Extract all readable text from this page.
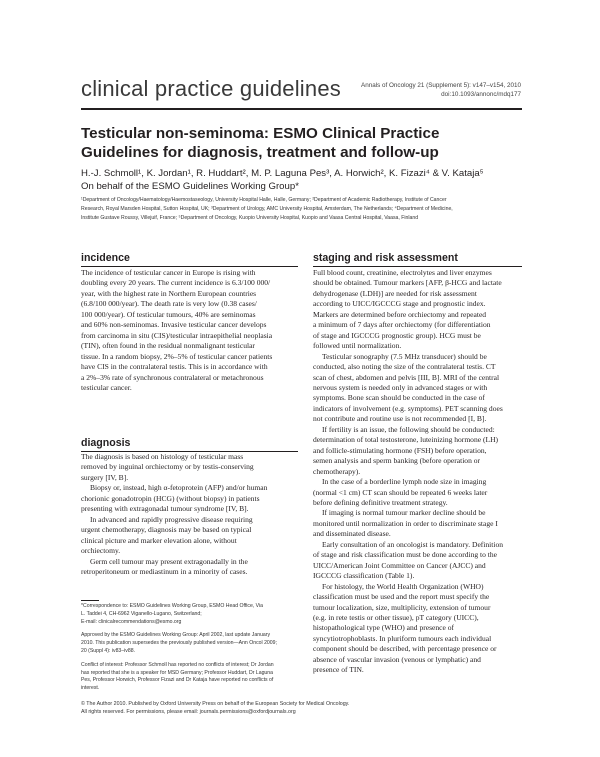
clinical practice guidelines	Annals of Oncology 21 (Supplement 5): v147–v154, 2010
doi:10.1093/annonc/mdq177
Testicular non-seminoma: ESMO Clinical Practice Guidelines for diagnosis, treatment and follow-up
H.-J. Schmoll¹, K. Jordan¹, R. Huddart², M. P. Laguna Pes³, A. Horwich², K. Fizazi⁴ & V. Kataja⁵
On behalf of the ESMO Guidelines Working Group*
¹Department of Oncology/Haematology/Haemostaseology, University Hospital Halle, Halle, Germany; ²Department of Academic Radiotherapy, Institute of Cancer
Research, Royal Marsden Hospital, Sutton Hospital, UK; ³Department of Urology, AMC University Hospital, Amsterdam, The Netherlands; ⁴Department of Medicine,
Institute Gustave Roussy, Villejuif, France; ⁵Department of Oncology, Kuopio University Hospital, Kuopio and Vaasa Central Hospital, Vaasa, Finland
incidence
The incidence of testicular cancer in Europe is rising with
doubling every 20 years. The current incidence is 6.3/100 000/
year, with the highest rate in Northern European countries
(6.8/100 000/year). The death rate is very low (0.38 cases/
100 000/year). Of testicular tumours, 40% are seminomas
and 60% non-seminomas. Invasive testicular cancer develops
from carcinoma in situ (CIS)/testicular intraepithelial neoplasia
(TIN), often found in the residual nonmalignant testicular
tissue. In a random biopsy, 2%–5% of testicular cancer patients
have CIS in the contralateral testis. This is in accordance with
a 2%–3% rate of synchronous contralateral or metachronous
testicular cancer.
diagnosis
The diagnosis is based on histology of testicular mass
removed by inguinal orchiectomy or by testis-conserving
surgery [IV, B].
Biopsy or, instead, high α-fetoprotein (AFP) and/or human
chorionic gonadotropin (HCG) (without biopsy) in patients
presenting with extragonadal tumour syndrome [IV, B].
In advanced and rapidly progressive disease requiring
urgent chemotherapy, diagnosis may be based on typical
clinical picture and marker elevation alone, without
orchiectomy.
Germ cell tumour may present extragonadally in the
retroperitoneum or mediastinum in a minority of cases.
*Correspondence to: ESMO Guidelines Working Group, ESMO Head Office, Via
L. Taddei 4, CH-6962 Viganello-Lugano, Switzerland;
E-mail: clinicalrecommendations@esmo.org
Approved by the ESMO Guidelines Working Group: April 2002, last update January
2010. This publication supersedes the previously published version—Ann Oncol 2009;
20 (Suppl 4): iv83–iv88.
Conflict of interest: Professor Schmoll has reported no conflicts of interest; Dr Jordan
has reported that she is a speaker for MSD Germany; Professor Huddart, Dr Laguna
Pes, Professor Horwich, Professor Fizazi and Dr Kataja have reported no conflicts of
interest.
staging and risk assessment
Full blood count, creatinine, electrolytes and liver enzymes
should be obtained. Tumour markers [AFP, β-HCG and lactate
dehydrogenase (LDH)] are needed for risk assessment
according to UICC/IGCCCG stage and prognostic index.
Markers are determined before orchiectomy and repeated
a minimum of 7 days after orchiectomy (for differentiation
of stage and IGCCCG prognostic group). HCG must be
followed until normalization.
Testicular sonography (7.5 MHz transducer) should be
conducted, also noting the size of the contralateral testis. CT
scan of chest, abdomen and pelvis [III, B]. MRI of the central
nervous system is needed only in advanced stages or with
symptoms. Bone scan should be conducted in the case of
indicators of involvement (e.g. symptoms). PET scanning does
not contribute and routine use is not recommended [I, B].
If fertility is an issue, the following should be conducted:
determination of total testosterone, luteinizing hormone (LH)
and follicle-stimulating hormone (FSH) before operation,
semen analysis and sperm banking (before operation or
chemotherapy).
In the case of a borderline lymph node size in imaging
(normal <1 cm) CT scan should be repeated 6 weeks later
before defining definitive treatment strategy.
If imaging is normal tumour marker decline should be
monitored until normalization in order to discriminate stage I
and disseminated disease.
Early consultation of an oncologist is mandatory. Definition
of stage and risk classification must be done according to the
UICC/American Joint Committee on Cancer (AJCC) and
IGCCCG classification (Table 1).
For histology, the World Health Organization (WHO)
classification must be used and the report must specify the
tumour localization, size, multiplicity, extension of tumour
(e.g. in rete testis or other tissue), pT category (UICC),
histopathological type (WHO) and presence of
syncytiotrophoblasts. In pluriform tumours each individual
component should be described, with percentage presence or
absence of vascular invasion (venous or lymphatic) and
presence of TIN.
© The Author 2010. Published by Oxford University Press on behalf of the European Society for Medical Oncology.
All rights reserved. For permissions, please email: journals.permissions@oxfordjournals.org
